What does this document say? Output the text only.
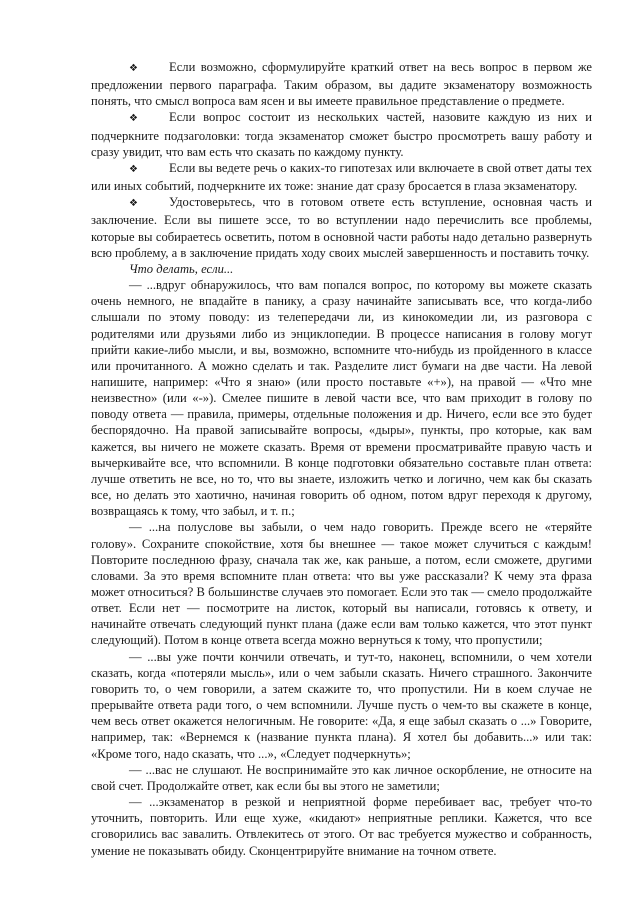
❖ Если возможно, сформулируйте краткий ответ на весь вопрос в первом же предложении первого параграфа. Таким образом, вы дадите экзаменатору возможность понять, что смысл вопроса вам ясен и вы имеете правильное представление о предмете.

❖ Если вопрос состоит из нескольких частей, назовите каждую из них и подчеркните подзаголовки: тогда экзаменатор сможет быстро просмотреть вашу работу и сразу увидит, что вам есть что сказать по каждому пункту.

❖ Если вы ведете речь о каких-то гипотезах или включаете в свой ответ даты тех или иных событий, подчеркните их тоже: знание дат сразу бросается в глаза экзаменатору.

❖ Удостоверьтесь, что в готовом ответе есть вступление, основная часть и заключение. Если вы пишете эссе, то во вступлении надо перечислить все проблемы, которые вы собираетесь осветить, потом в основной части работы надо детально развернуть всю проблему, а в заключение придать ходу своих мыслей завершенность и поставить точку.

Что делать, если...

— ...вдруг обнаружилось, что вам попался вопрос, по которому вы можете сказать очень немного, не впадайте в панику, а сразу начинайте записывать все, что когда-либо слышали по этому поводу: из телепередачи ли, из кинокомедии ли, из разговора с родителями или друзьями либо из энциклопедии. В процессе написания в голову могут прийти какие-либо мысли, и вы, возможно, вспомните что-нибудь из пройденного в классе или прочитанного. А можно сделать и так. Разделите лист бумаги на две части. На левой напишите, например: «Что я знаю» (или просто поставьте «+»), на правой — «Что мне неизвестно» (или «-»). Смелее пишите в левой части все, что вам приходит в голову по поводу ответа — правила, примеры, отдельные положения и др. Ничего, если все это будет беспорядочно. На правой записывайте вопросы, «дыры», пункты, про которые, как вам кажется, вы ничего не можете сказать. Время от времени просматривайте правую часть и вычеркивайте все, что вспомнили. В конце подготовки обязательно составьте план ответа: лучше ответить не все, но то, что вы знаете, изложить четко и логично, чем как бы сказать все, но делать это хаотично, начиная говорить об одном, потом вдруг переходя к другому, возвращаясь к тому, что забыл, и т. п.;

— ...на полуслове вы забыли, о чем надо говорить. Прежде всего не «теряйте голову». Сохраните спокойствие, хотя бы внешнее — такое может случиться с каждым! Повторите последнюю фразу, сначала так же, как раньше, а потом, если сможете, другими словами. За это время вспомните план ответа: что вы уже рассказали? К чему эта фраза может относиться? В большинстве случаев это помогает. Если это так — смело продолжайте ответ. Если нет — посмотрите на листок, который вы написали, готовясь к ответу, и начинайте отвечать следующий пункт плана (даже если вам только кажется, что этот пункт следующий). Потом в конце ответа всегда можно вернуться к тому, что пропустили;

— ...вы уже почти кончили отвечать, и тут-то, наконец, вспомнили, о чем хотели сказать, когда «потеряли мысль», или о чем забыли сказать. Ничего страшного. Закончите говорить то, о чем говорили, а затем скажите то, что пропустили. Ни в коем случае не прерывайте ответа ради того, о чем вспомнили. Лучше пусть о чем-то вы скажете в конце, чем весь ответ окажется нелогичным. Не говорите: «Да, я еще забыл сказать о ...» Говорите, например, так: «Вернемся к (название пункта плана). Я хотел бы добавить...» или так: «Кроме того, надо сказать, что ...», «Следует подчеркнуть»;

— ...вас не слушают. Не воспринимайте это как личное оскорбление, не относите на свой счет. Продолжайте ответ, как если бы вы этого не заметили;

— ...экзаменатор в резкой и неприятной форме перебивает вас, требует что-то уточнить, повторить. Или еще хуже, «кидают» неприятные реплики. Кажется, что все сговорились вас завалить. Отвлекитесь от этого. От вас требуется мужество и собранность, умение не показывать обиду. Сконцентрируйте внимание на точном ответе.
